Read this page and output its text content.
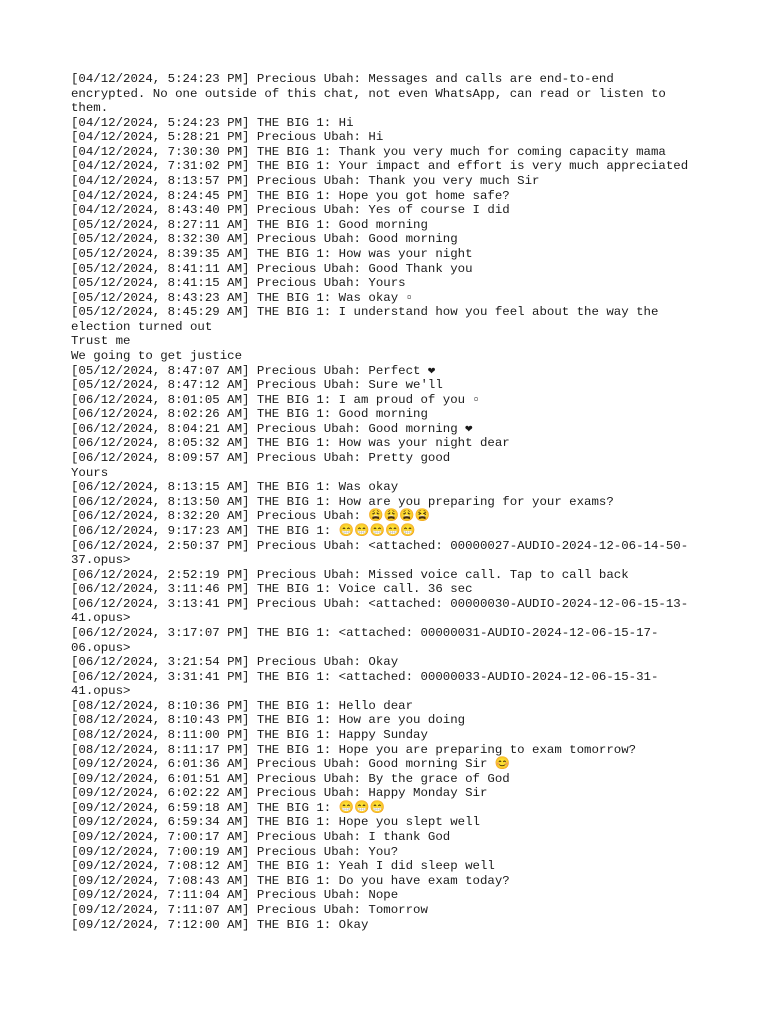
[04/12/2024, 5:24:23 PM] Precious Ubah: Messages and calls are end-to-end
encrypted. No one outside of this chat, not even WhatsApp, can read or listen to
them.
[04/12/2024, 5:24:23 PM] THE BIG 1: Hi
[04/12/2024, 5:28:21 PM] Precious Ubah: Hi
[04/12/2024, 7:30:30 PM] THE BIG 1: Thank you very much for coming capacity mama
[04/12/2024, 7:31:02 PM] THE BIG 1: Your impact and effort is very much appreciated
[04/12/2024, 8:13:57 PM] Precious Ubah: Thank you very much Sir
[04/12/2024, 8:24:45 PM] THE BIG 1: Hope you got home safe?
[04/12/2024, 8:43:40 PM] Precious Ubah: Yes of course I did
[05/12/2024, 8:27:11 AM] THE BIG 1: Good morning
[05/12/2024, 8:32:30 AM] Precious Ubah: Good morning
[05/12/2024, 8:39:35 AM] THE BIG 1: How was your night
[05/12/2024, 8:41:11 AM] Precious Ubah: Good Thank you
[05/12/2024, 8:41:15 AM] Precious Ubah: Yours
[05/12/2024, 8:43:23 AM] THE BIG 1: Was okay ▫
[05/12/2024, 8:45:29 AM] THE BIG 1: I understand how you feel about the way the
election turned out
Trust me
We going to get justice
[05/12/2024, 8:47:07 AM] Precious Ubah: Perfect ❤
[05/12/2024, 8:47:12 AM] Precious Ubah: Sure we'll
[06/12/2024, 8:01:05 AM] THE BIG 1: I am proud of you ▫
[06/12/2024, 8:02:26 AM] THE BIG 1: Good morning
[06/12/2024, 8:04:21 AM] Precious Ubah: Good morning ❤
[06/12/2024, 8:05:32 AM] THE BIG 1: How was your night dear
[06/12/2024, 8:09:57 AM] Precious Ubah: Pretty good
Yours
[06/12/2024, 8:13:15 AM] THE BIG 1: Was okay
[06/12/2024, 8:13:50 AM] THE BIG 1: How are you preparing for your exams?
[06/12/2024, 8:32:20 AM] Precious Ubah: 😩😩😩😫
[06/12/2024, 9:17:23 AM] THE BIG 1: 😁😁😁😁😁
[06/12/2024, 2:50:37 PM] Precious Ubah: <attached: 00000027-AUDIO-2024-12-06-14-50-
37.opus>
[06/12/2024, 2:52:19 PM] Precious Ubah: Missed voice call. Tap to call back
[06/12/2024, 3:11:46 PM] THE BIG 1: Voice call. 36 sec
[06/12/2024, 3:13:41 PM] Precious Ubah: <attached: 00000030-AUDIO-2024-12-06-15-13-
41.opus>
[06/12/2024, 3:17:07 PM] THE BIG 1: <attached: 00000031-AUDIO-2024-12-06-15-17-
06.opus>
[06/12/2024, 3:21:54 PM] Precious Ubah: Okay
[06/12/2024, 3:31:41 PM] THE BIG 1: <attached: 00000033-AUDIO-2024-12-06-15-31-
41.opus>
[08/12/2024, 8:10:36 PM] THE BIG 1: Hello dear
[08/12/2024, 8:10:43 PM] THE BIG 1: How are you doing
[08/12/2024, 8:11:00 PM] THE BIG 1: Happy Sunday
[08/12/2024, 8:11:17 PM] THE BIG 1: Hope you are preparing to exam tomorrow?
[09/12/2024, 6:01:36 AM] Precious Ubah: Good morning Sir 😊
[09/12/2024, 6:01:51 AM] Precious Ubah: By the grace of God
[09/12/2024, 6:02:22 AM] Precious Ubah: Happy Monday Sir
[09/12/2024, 6:59:18 AM] THE BIG 1: 😁😁😁
[09/12/2024, 6:59:34 AM] THE BIG 1: Hope you slept well
[09/12/2024, 7:00:17 AM] Precious Ubah: I thank God
[09/12/2024, 7:00:19 AM] Precious Ubah: You?
[09/12/2024, 7:08:12 AM] THE BIG 1: Yeah I did sleep well
[09/12/2024, 7:08:43 AM] THE BIG 1: Do you have exam today?
[09/12/2024, 7:11:04 AM] Precious Ubah: Nope
[09/12/2024, 7:11:07 AM] Precious Ubah: Tomorrow
[09/12/2024, 7:12:00 AM] THE BIG 1: Okay
